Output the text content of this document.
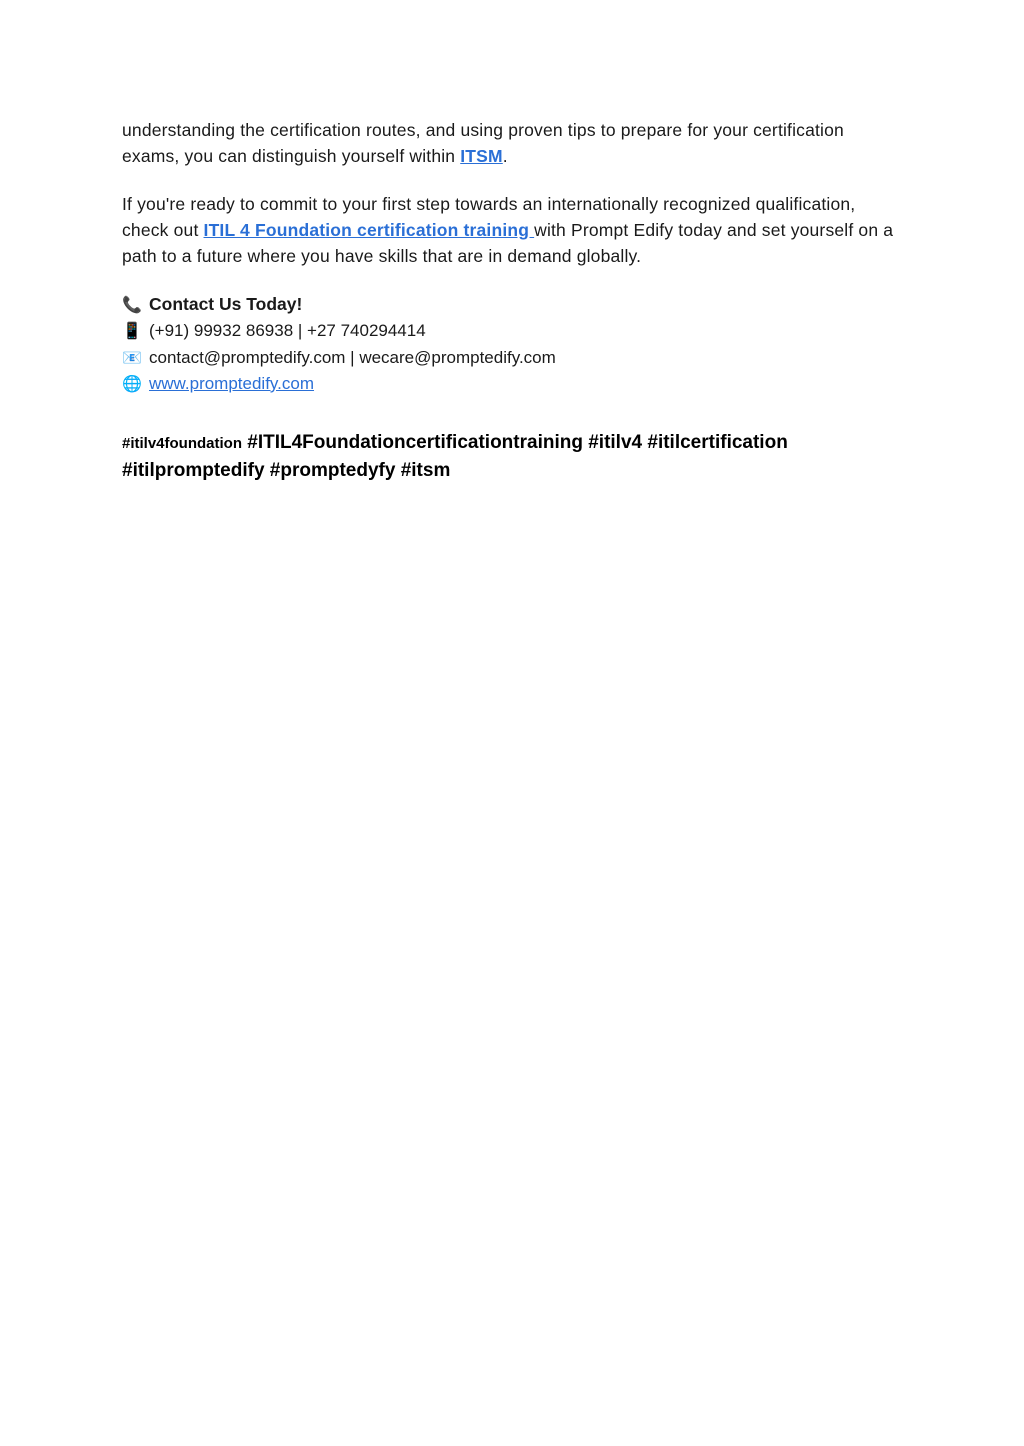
understanding the certification routes, and using proven tips to prepare for your certification exams, you can distinguish yourself within ITSM.

If you're ready to commit to your first step towards an internationally recognized qualification, check out ITIL 4 Foundation certification training with Prompt Edify today and set yourself on a path to a future where you have skills that are in demand globally.

📞 Contact Us Today!
📱 (+91) 99932 86938 | +27 740294414
📧 contact@promptedify.com | wecare@promptedify.com
🌐 www.promptedify.com
#itilv4foundation #ITIL4Foundationcertificationtraining #itilv4 #itilcertification #itilpromptedify #promptedyfy #itsm
